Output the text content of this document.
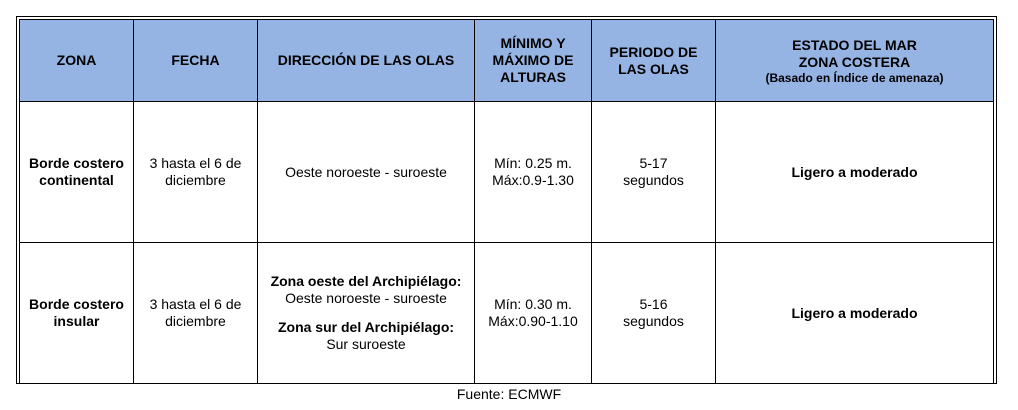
ZONA	FECHA	DIRECCIÓN DE LAS OLAS	MÍNIMO Y
MÁXIMO DE
ALTURAS	PERIODO DE
LAS OLAS	ESTADO DEL MAR
ZONA COSTERA
(Basado en Índice de amenaza)

Borde costero
continental	3 hasta el 6 de
diciembre	Oeste noroeste - suroeste	Mín: 0.25 m.
Máx:0.9-1.30	5-17
segundos	Ligero a moderado

Borde costero
insular	3 hasta el 6 de
diciembre	Zona oeste del Archipiélago:
Oeste noroeste - suroeste
Zona sur del Archipiélago:
Sur suroeste	Mín: 0.30 m.
Máx:0.90-1.10	5-16
segundos	Ligero a moderado
Fuente: ECMWF
